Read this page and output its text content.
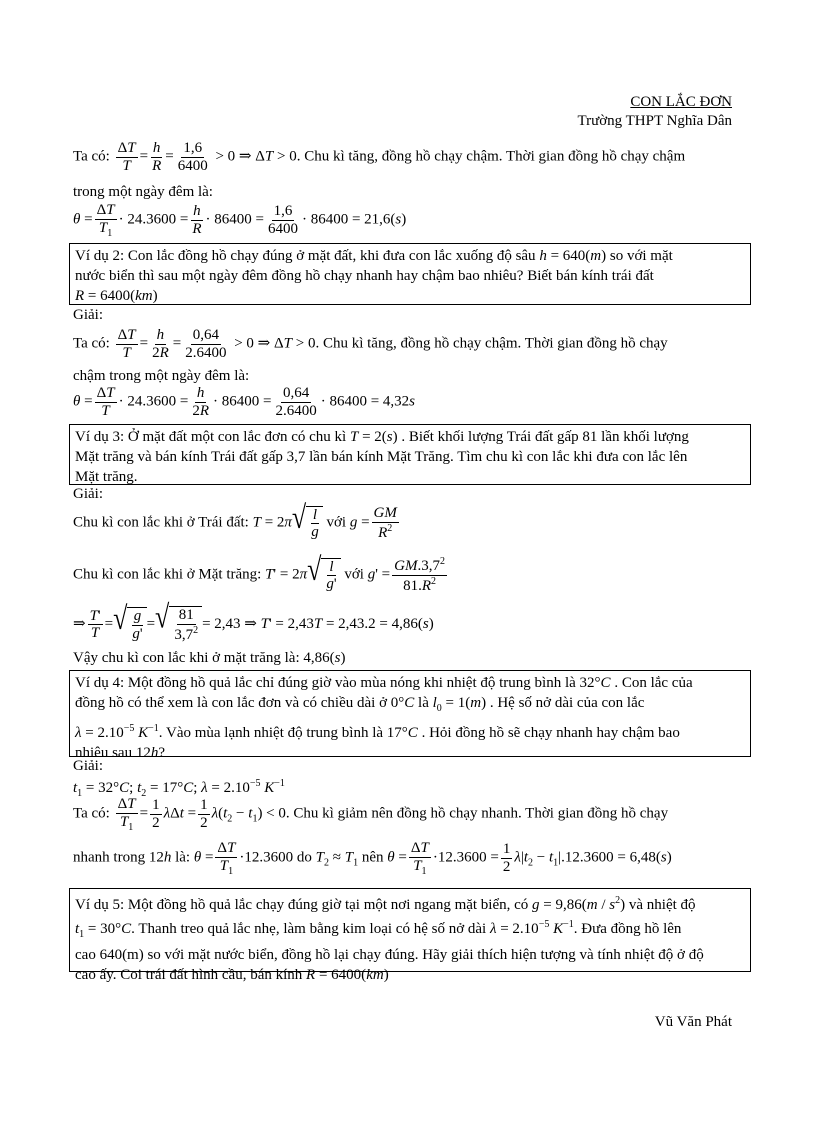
CON LẮC ĐƠN
Trường THPT Nghĩa Dân
Ta có: $\frac{\Delta T}{T} = \frac{h}{R} = \frac{1,6}{6400} > 0$ ⇒ ΔT > 0. Chu kì tăng, đồng hồ chạy chậm. Thời gian đồng hồ chạy chậm
trong một ngày đêm là:
$\theta = \frac{\Delta T}{T_1} \cdot 24.3600 = \frac{h}{R} \cdot 86400 = \frac{1,6}{6400} \cdot 86400 = 21,6(s)$

Ví dụ 2: Con lắc đồng hồ chạy đúng ở mặt đất, khi đưa con lắc xuống độ sâu h = 640(m) so với mặt

nước biển thì sau một ngày đêm đồng hồ chạy nhanh hay chậm bao nhiêu? Biết bán kính trái đất

R = 6400(km)

Giải:
Ta có: $\frac{\Delta T}{T} = \frac{h}{2R} = \frac{0,64}{2.6400} > 0$ ⇒ ΔT > 0. Chu kì tăng, đồng hồ chạy chậm. Thời gian đồng hồ chạy
chậm trong một ngày đêm là:
$\theta = \frac{\Delta T}{T} \cdot 24.3600 = \frac{h}{2R} \cdot 86400 = \frac{0,64}{2.6400} \cdot 86400 = 4,32s$

Ví dụ 3: Ở mặt đất một con lắc đơn có chu kì T = 2(s) . Biết khối lượng Trái đất gấp 81 lần khối lượng

Mặt trăng và bán kính Trái đất gấp 3,7 lần bán kính Mặt Trăng. Tìm chu kì con lắc khi đưa con lắc lên

Mặt trăng.

Giải:
Chu kì con lắc khi ở Trái đất: T = 2π √ $\frac{l}{g}$ với $g = \frac{GM}{R^2}$
Chu kì con lắc khi ở Mặt trăng: T' = 2π √ $\frac{l}{g'}$ với $g' = \frac{GM.3,7^2}{81.R^2}$
⇒ $\frac{T'}{T}$ = √ $\frac{g}{g'}$ = √ $\frac{81}{3,7^2} = 2,43$ ⇒ T' = 2,43T = 2,43.2 = 4,86(s)
Vậy chu kì con lắc khi ở mặt trăng là: 4,86(s)

Ví dụ 4: Một đồng hồ quả lắc chỉ đúng giờ vào mùa nóng khi nhiệt độ trung bình là 32°C . Con lắc của

đồng hồ có thể xem là con lắc đơn và có chiều dài ở 0°C là $l_0 = 1(m)$ . Hệ số nở dài của con lắc

$\lambda = 2.10^{-5}$ $K^{-1}$. Vào mùa lạnh nhiệt độ trung bình là 17°C . Hỏi đồng hồ sẽ chạy nhanh hay chậm bao

nhiêu sau 12h?

Giải:
$t_1 = 32^\circ C$; $t_2 = 17^\circ C$; $\lambda = 2.10^{-5}$ $K^{-1}$
Ta có: $\frac{\Delta T}{T_1} = \frac{1}{2}$ $\lambda\Delta t = \frac{1}{2} \lambda(t_2 - t_1) < 0$. Chu kì giảm nên đồng hồ chạy nhanh. Thời gian đồng hồ chạy
nhanh trong 12h là: $\theta = \frac{\Delta T}{T_1} \cdot 12.3600$ do $T_2 \approx T_1$ nên $\theta = \frac{\Delta T}{T_1} \cdot 12.3600 = \frac{1}{2} \lambda|t_2 - t_1|.12.3600 = 6,48(s)$

Ví dụ 5: Một đồng hồ quả lắc chạy đúng giờ tại một nơi ngang mặt biển, có $g = 9,86(m / s^2)$ và nhiệt độ

$t_1 = 30^\circ C$. Thanh treo quả lắc nhẹ, làm bằng kim loại có hệ số nở dài $\lambda = 2.10^{-5}$ $K^{-1}$. Đưa đồng hồ lên

cao 640(m) so với mặt nước biển, đồng hồ lại chạy đúng. Hãy giải thích hiện tượng và tính nhiệt độ ở độ

cao ấy. Coi trái đất hình cầu, bán kính R = 6400(km)

Vũ Văn Phát
